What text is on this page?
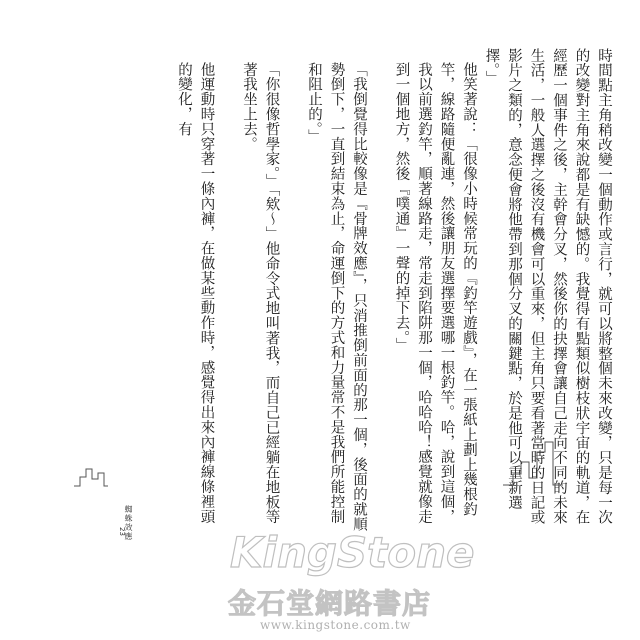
時間點主角稍改變一個動作或言行，就可以將整個未來改變，只是每一次的改變對主角來說都是有缺憾的。我覺得有點類似樹枝狀宇宙的軌道，在經歷一個事件之後，主幹會分叉，然後你的抉擇會讓自己走向不同的未來生活，一般人選擇之後沒有機會可以重來，但主角只要看著當時的日記或影片之類的，意念便會將他帶到那個分叉的關鍵點，於是他可以重新選擇。」

他笑著說：「很像小時候常玩的『釣竿遊戲』，在一張紙上劃上幾根釣竿，線路隨便亂連，然後讓朋友選擇要選哪一根釣竿。哈，說到這個，我以前選釣竿，順著線路走，常走到陷阱那一個，哈哈哈！感覺就像走到一個地方，然後『噗通』一聲的掉下去。」

「我倒覺得比較像是『骨牌效應』，只消推倒前面的那一個，後面的就順勢倒下，一直到結束為止，命運倒下的方式和力量常不是我們所能控制和阻止的。」

「你很像哲學家。」「欸～」他命令式地叫著我，而自己已經躺在地板等著我坐上去。

他運動時只穿著一條內褲，在做某些動作時，感覺得出來內褲線條裡頭的變化，有

蜘蛛效應
23 KingStone
金石堂網路書店
www.kingstone.com.tw
